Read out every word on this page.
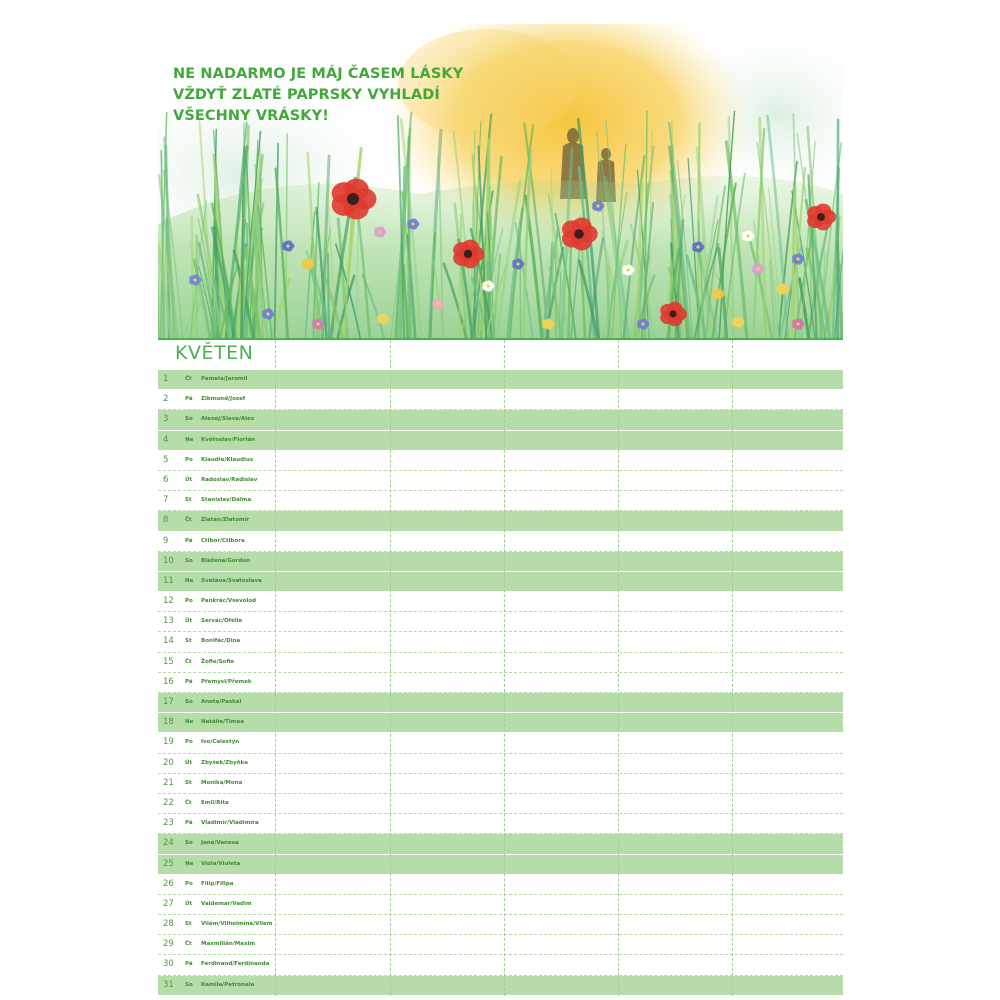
NE NADARMO JE MÁJ ČASEM LÁSKY
VŽDYŤ ZLATÉ PAPRSKY VYHLADÍ
VŠECHNY VRÁSKY!
KVĚTEN
1	Čt Pamela/Jaromil
2	Pá Zikmund/Jozef
3	So Alexej/Slava/Alex
4	Ne Květoslav/Florián
5	Po Klaudie/Klaudius
6	Út Radoslav/Radislav
7	St Stanislav/Dalma
8	Čt Zlatan/Zlatomír
9	Pá Ctibor/Ctibora
10	So Blažena/Gordon
11	Ne Svatava/Svatoslava
12	Po Pankrác/Vsevolod
13	Út Servác/Ofélie
14	St Bonifác/Dina
15	Čt Žofie/Sofie
16	Pá Přemysl/Přemek
17	So Aneta/Paskal
18	Ne Natálie/Timea
19	Po Ivo/Celestýn
20	Út Zbyšek/Zbyňka
21	St Monika/Mona
22	Čt Emil/Rita
23	Pá Vladimír/Vladimíra
24	So Jana/Vanesa
25	Ne Viola/Violeta
26	Po Filip/Filipa
27	Út Valdemar/Vadim
28	St Vilém/Vilhelmína/Vilem
29	Čt Maxmilián/Maxim
30	Pá Ferdinand/Ferdinanda
31	So Kamila/Petronela
